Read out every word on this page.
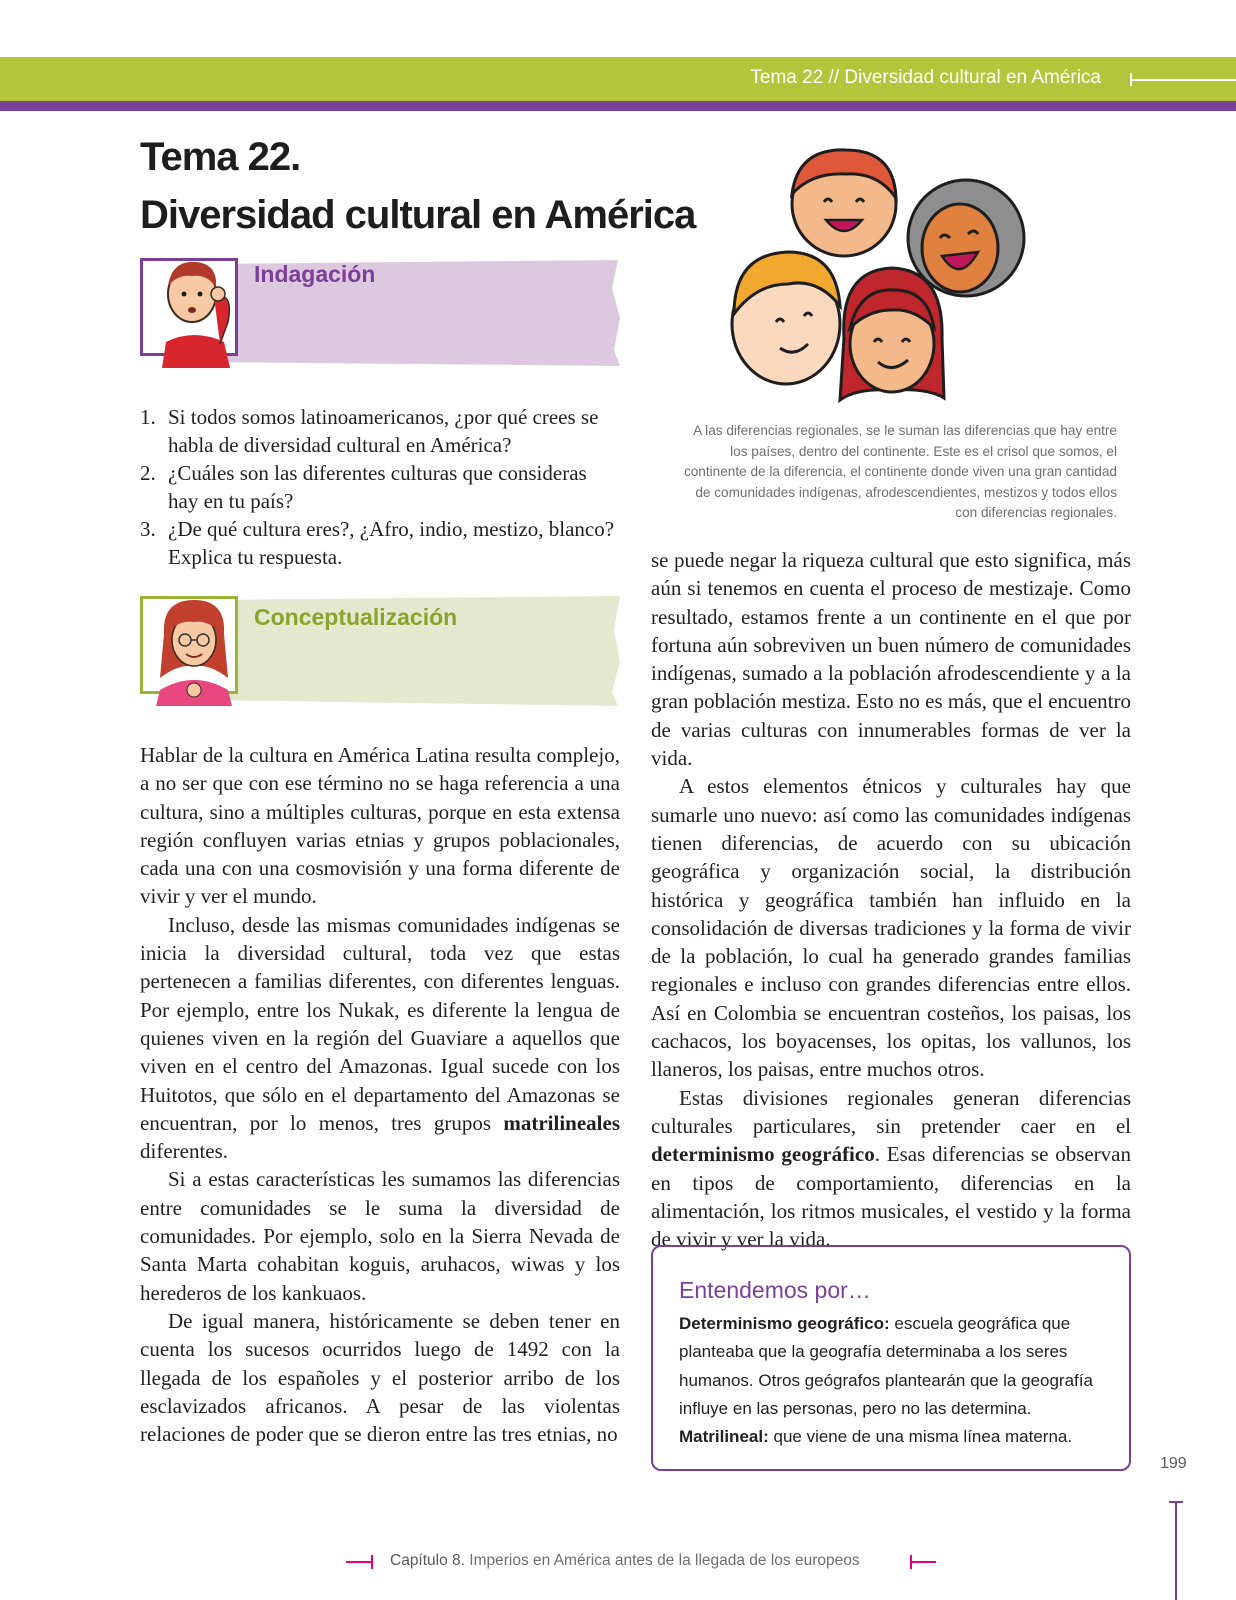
Tema 22 // Diversidad cultural en América
Tema 22.
Diversidad cultural en América
Indagación
1. Si todos somos latinoamericanos, ¿por qué crees se habla de diversidad cultural en América?
2. ¿Cuáles son las diferentes culturas que consideras hay en tu país?
3. ¿De qué cultura eres?, ¿Afro, indio, mestizo, blanco? Explica tu respuesta.
Conceptualización

Hablar de la cultura en América Latina resulta complejo, a no ser que con ese término no se haga referencia a una cultura, sino a múltiples culturas, porque en esta extensa región confluyen varias etnias y grupos poblacionales, cada una con una cosmovisión y una forma diferente de vivir y ver el mundo.

Incluso, desde las mismas comunidades indígenas se inicia la diversidad cultural, toda vez que estas pertenecen a familias diferentes, con diferentes lenguas. Por ejemplo, entre los Nukak, es diferente la lengua de quienes viven en la región del Guaviare a aquellos que viven en el centro del Amazonas. Igual sucede con los Huitotos, que sólo en el departamento del Amazonas se encuentran, por lo menos, tres grupos matrilineales diferentes.

Si a estas características les sumamos las diferencias entre comunidades se le suma la diversidad de comunidades. Por ejemplo, solo en la Sierra Nevada de Santa Marta cohabitan koguis, aruhacos, wiwas y los herederos de los kankuaos.

De igual manera, históricamente se deben tener en cuenta los sucesos ocurridos luego de 1492 con la llegada de los españoles y el posterior arribo de los esclavizados africanos. A pesar de las violentas relaciones de poder que se dieron entre las tres etnias, no

A las diferencias regionales, se le suman las diferencias que hay entre los países, dentro del continente. Este es el crisol que somos, el continente de la diferencia, el continente donde viven una gran cantidad de comunidades indígenas, afrodescendientes, mestizos y todos ellos con diferencias regionales.

se puede negar la riqueza cultural que esto significa, más aún si tenemos en cuenta el proceso de mestizaje. Como resultado, estamos frente a un continente en el que por fortuna aún sobreviven un buen número de comunidades indígenas, sumado a la población afrodescendiente y a la gran población mestiza. Esto no es más, que el encuentro de varias culturas con innumerables formas de ver la vida.

A estos elementos étnicos y culturales hay que sumarle uno nuevo: así como las comunidades indígenas tienen diferencias, de acuerdo con su ubicación geográfica y organización social, la distribución histórica y geográfica también han influido en la consolidación de diversas tradiciones y la forma de vivir de la población, lo cual ha generado grandes familias regionales e incluso con grandes diferencias entre ellos. Así en Colombia se encuentran costeños, los paisas, los cachacos, los boyacenses, los opitas, los vallunos, los llaneros, los paisas, entre muchos otros.

Estas divisiones regionales generan diferencias culturales particulares, sin pretender caer en el determinismo geográfico. Esas diferencias se observan en tipos de comportamiento, diferencias en la alimentación, los ritmos musicales, el vestido y la forma de vivir y ver la vida.

Entendemos por…
Determinismo geográfico: escuela geográfica que planteaba que la geografía determinaba a los seres humanos. Otros geógrafos plantearán que la geografía influye en las personas, pero no las determina.
Matrilineal: que viene de una misma línea materna.
199
Capítulo 8. Imperios en América antes de la llegada de los europeos
